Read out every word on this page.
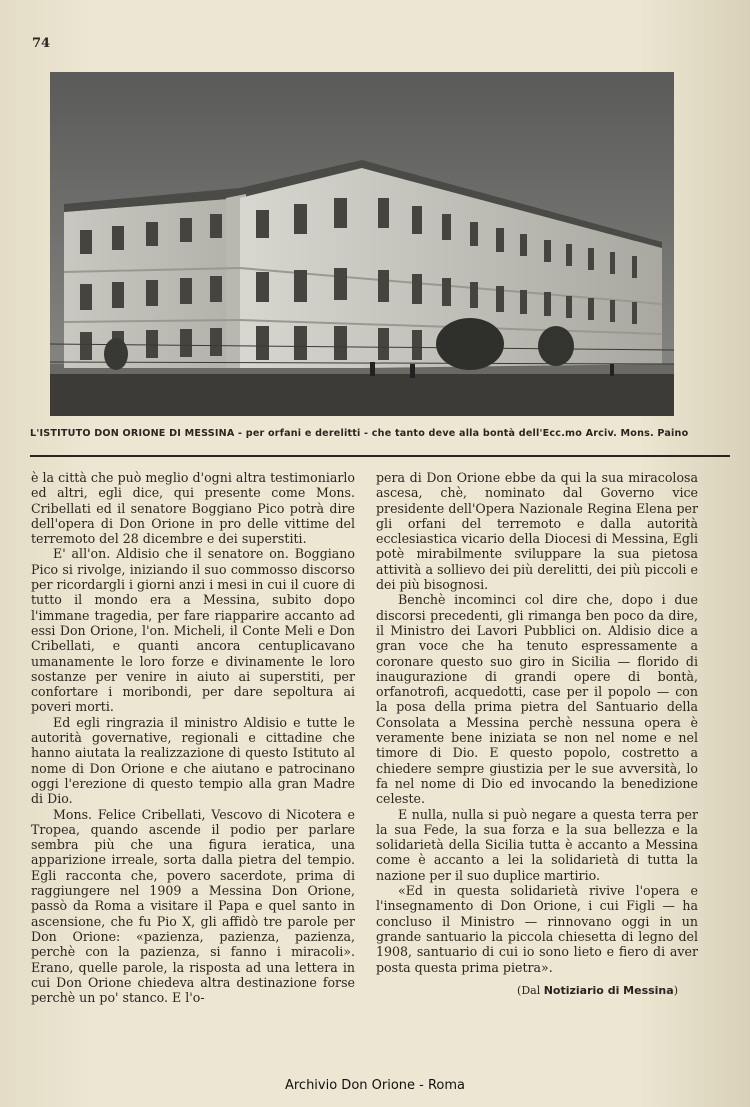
74
L'ISTITUTO DON ORIONE DI MESSINA - per orfani e derelitti - che tanto deve alla bontà dell'Ecc.mo Arciv. Mons. Paino

è la città che può meglio d'ogni altra testimoniarlo ed altri, egli dice, qui presente come Mons. Cribellati ed il senatore Boggiano Pico potrà dire dell'opera di Don Orione in pro delle vittime del terremoto del 28 dicembre e dei superstiti.

E' all'on. Aldisio che il senatore on. Boggiano Pico si rivolge, iniziando il suo commosso discorso per ricordargli i giorni anzi i mesi in cui il cuore di tutto il mondo era a Messina, subito dopo l'immane tragedia, per fare riapparire accanto ad essi Don Orione, l'on. Micheli, il Conte Meli e Don Cribellati, e quanti ancora centuplicavano umanamente le loro forze e divinamente le loro sostanze per venire in aiuto ai superstiti, per confortare i moribondi, per dare sepoltura ai poveri morti.

Ed egli ringrazia il ministro Aldisio e tutte le autorità governative, regionali e cittadine che hanno aiutata la realizzazione di questo Istituto al nome di Don Orione e che aiutano e patrocinano oggi l'erezione di questo tempio alla gran Madre di Dio.

Mons. Felice Cribellati, Vescovo di Nicotera e Tropea, quando ascende il podio per parlare sembra più che una figura ieratica, una apparizione irreale, sorta dalla pietra del tempio. Egli racconta che, povero sacerdote, prima di raggiungere nel 1909 a Messina Don Orione, passò da Roma a visitare il Papa e quel santo in ascensione, che fu Pio X, gli affidò tre parole per Don Orione: «pazienza, pazienza, pazienza, perchè con la pazienza, si fanno i miracoli». Erano, quelle parole, la risposta ad una lettera in cui Don Orione chiedeva altra destinazione forse perchè un po' stanco. E l'o-

pera di Don Orione ebbe da qui la sua miracolosa ascesa, chè, nominato dal Governo vice presidente dell'Opera Nazionale Regina Elena per gli orfani del terremoto e dalla autorità ecclesiastica vicario della Diocesi di Messina, Egli potè mirabilmente sviluppare la sua pietosa attività a sollievo dei più derelitti, dei più piccoli e dei più bisognosi.

Benchè incominci col dire che, dopo i due discorsi precedenti, gli rimanga ben poco da dire, il Ministro dei Lavori Pubblici on. Aldisio dice a gran voce che ha tenuto espressamente a coronare questo suo giro in Sicilia — florido di inaugurazione di grandi opere di bontà, orfanotrofi, acquedotti, case per il popolo — con la posa della prima pietra del Santuario della Consolata a Messina perchè nessuna opera è veramente bene iniziata se non nel nome e nel timore di Dio. E questo popolo, costretto a chiedere sempre giustizia per le sue avversità, lo fa nel nome di Dio ed invocando la benedizione celeste.

E nulla, nulla si può negare a questa terra per la sua Fede, la sua forza e la sua bellezza e la solidarietà della Sicilia tutta è accanto a Messina come è accanto a lei la solidarietà di tutta la nazione per il suo duplice martirio.

«Ed in questa solidarietà rivive l'opera e l'insegnamento di Don Orione, i cui Figli — ha concluso il Ministro — rinnovano oggi in un grande santuario la piccola chiesetta di legno del 1908, santuario di cui io sono lieto e fiero di aver posta questa prima pietra».

(Dal Notiziario di Messina)
Archivio Don Orione - Roma
